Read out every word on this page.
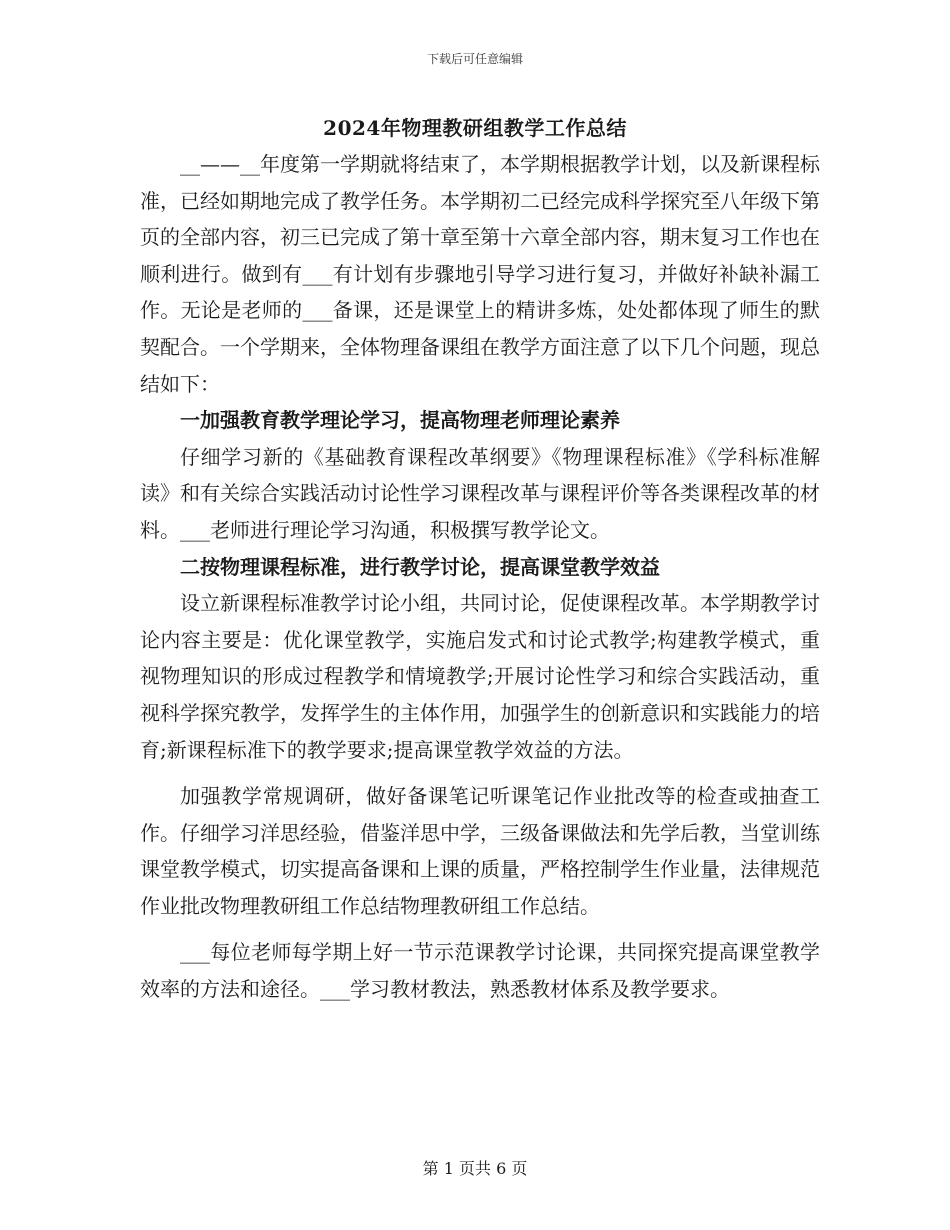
下载后可任意编辑
2024年物理教研组教学工作总结

__——__年度第一学期就将结束了，本学期根据教学计划，以及新课程标准，已经如期地完成了教学任务。本学期初二已经完成科学探究至八年级下第页的全部内容，初三已完成了第十章至第十六章全部内容，期末复习工作也在顺利进行。做到有___有计划有步骤地引导学习进行复习，并做好补缺补漏工作。无论是老师的___备课，还是课堂上的精讲多炼，处处都体现了师生的默契配合。一个学期来，全体物理备课组在教学方面注意了以下几个问题，现总结如下：

一加强教育教学理论学习，提高物理老师理论素养

仔细学习新的《基础教育课程改革纲要》《物理课程标准》《学科标准解读》和有关综合实践活动讨论性学习课程改革与课程评价等各类课程改革的材料。___老师进行理论学习沟通，积极撰写教学论文。

二按物理课程标准，进行教学讨论，提高课堂教学效益

设立新课程标准教学讨论小组，共同讨论，促使课程改革。本学期教学讨论内容主要是：优化课堂教学，实施启发式和讨论式教学;构建教学模式，重视物理知识的形成过程教学和情境教学;开展讨论性学习和综合实践活动，重视科学探究教学，发挥学生的主体作用，加强学生的创新意识和实践能力的培育;新课程标准下的教学要求;提高课堂教学效益的方法。

加强教学常规调研，做好备课笔记听课笔记作业批改等的检查或抽查工作。仔细学习洋思经验，借鉴洋思中学，三级备课做法和先学后教，当堂训练课堂教学模式，切实提高备课和上课的质量，严格控制学生作业量，法律规范作业批改物理教研组工作总结物理教研组工作总结。

___每位老师每学期上好一节示范课教学讨论课，共同探究提高课堂教学效率的方法和途径。___学习教材教法，熟悉教材体系及教学要求。

第 1 页共 6 页
